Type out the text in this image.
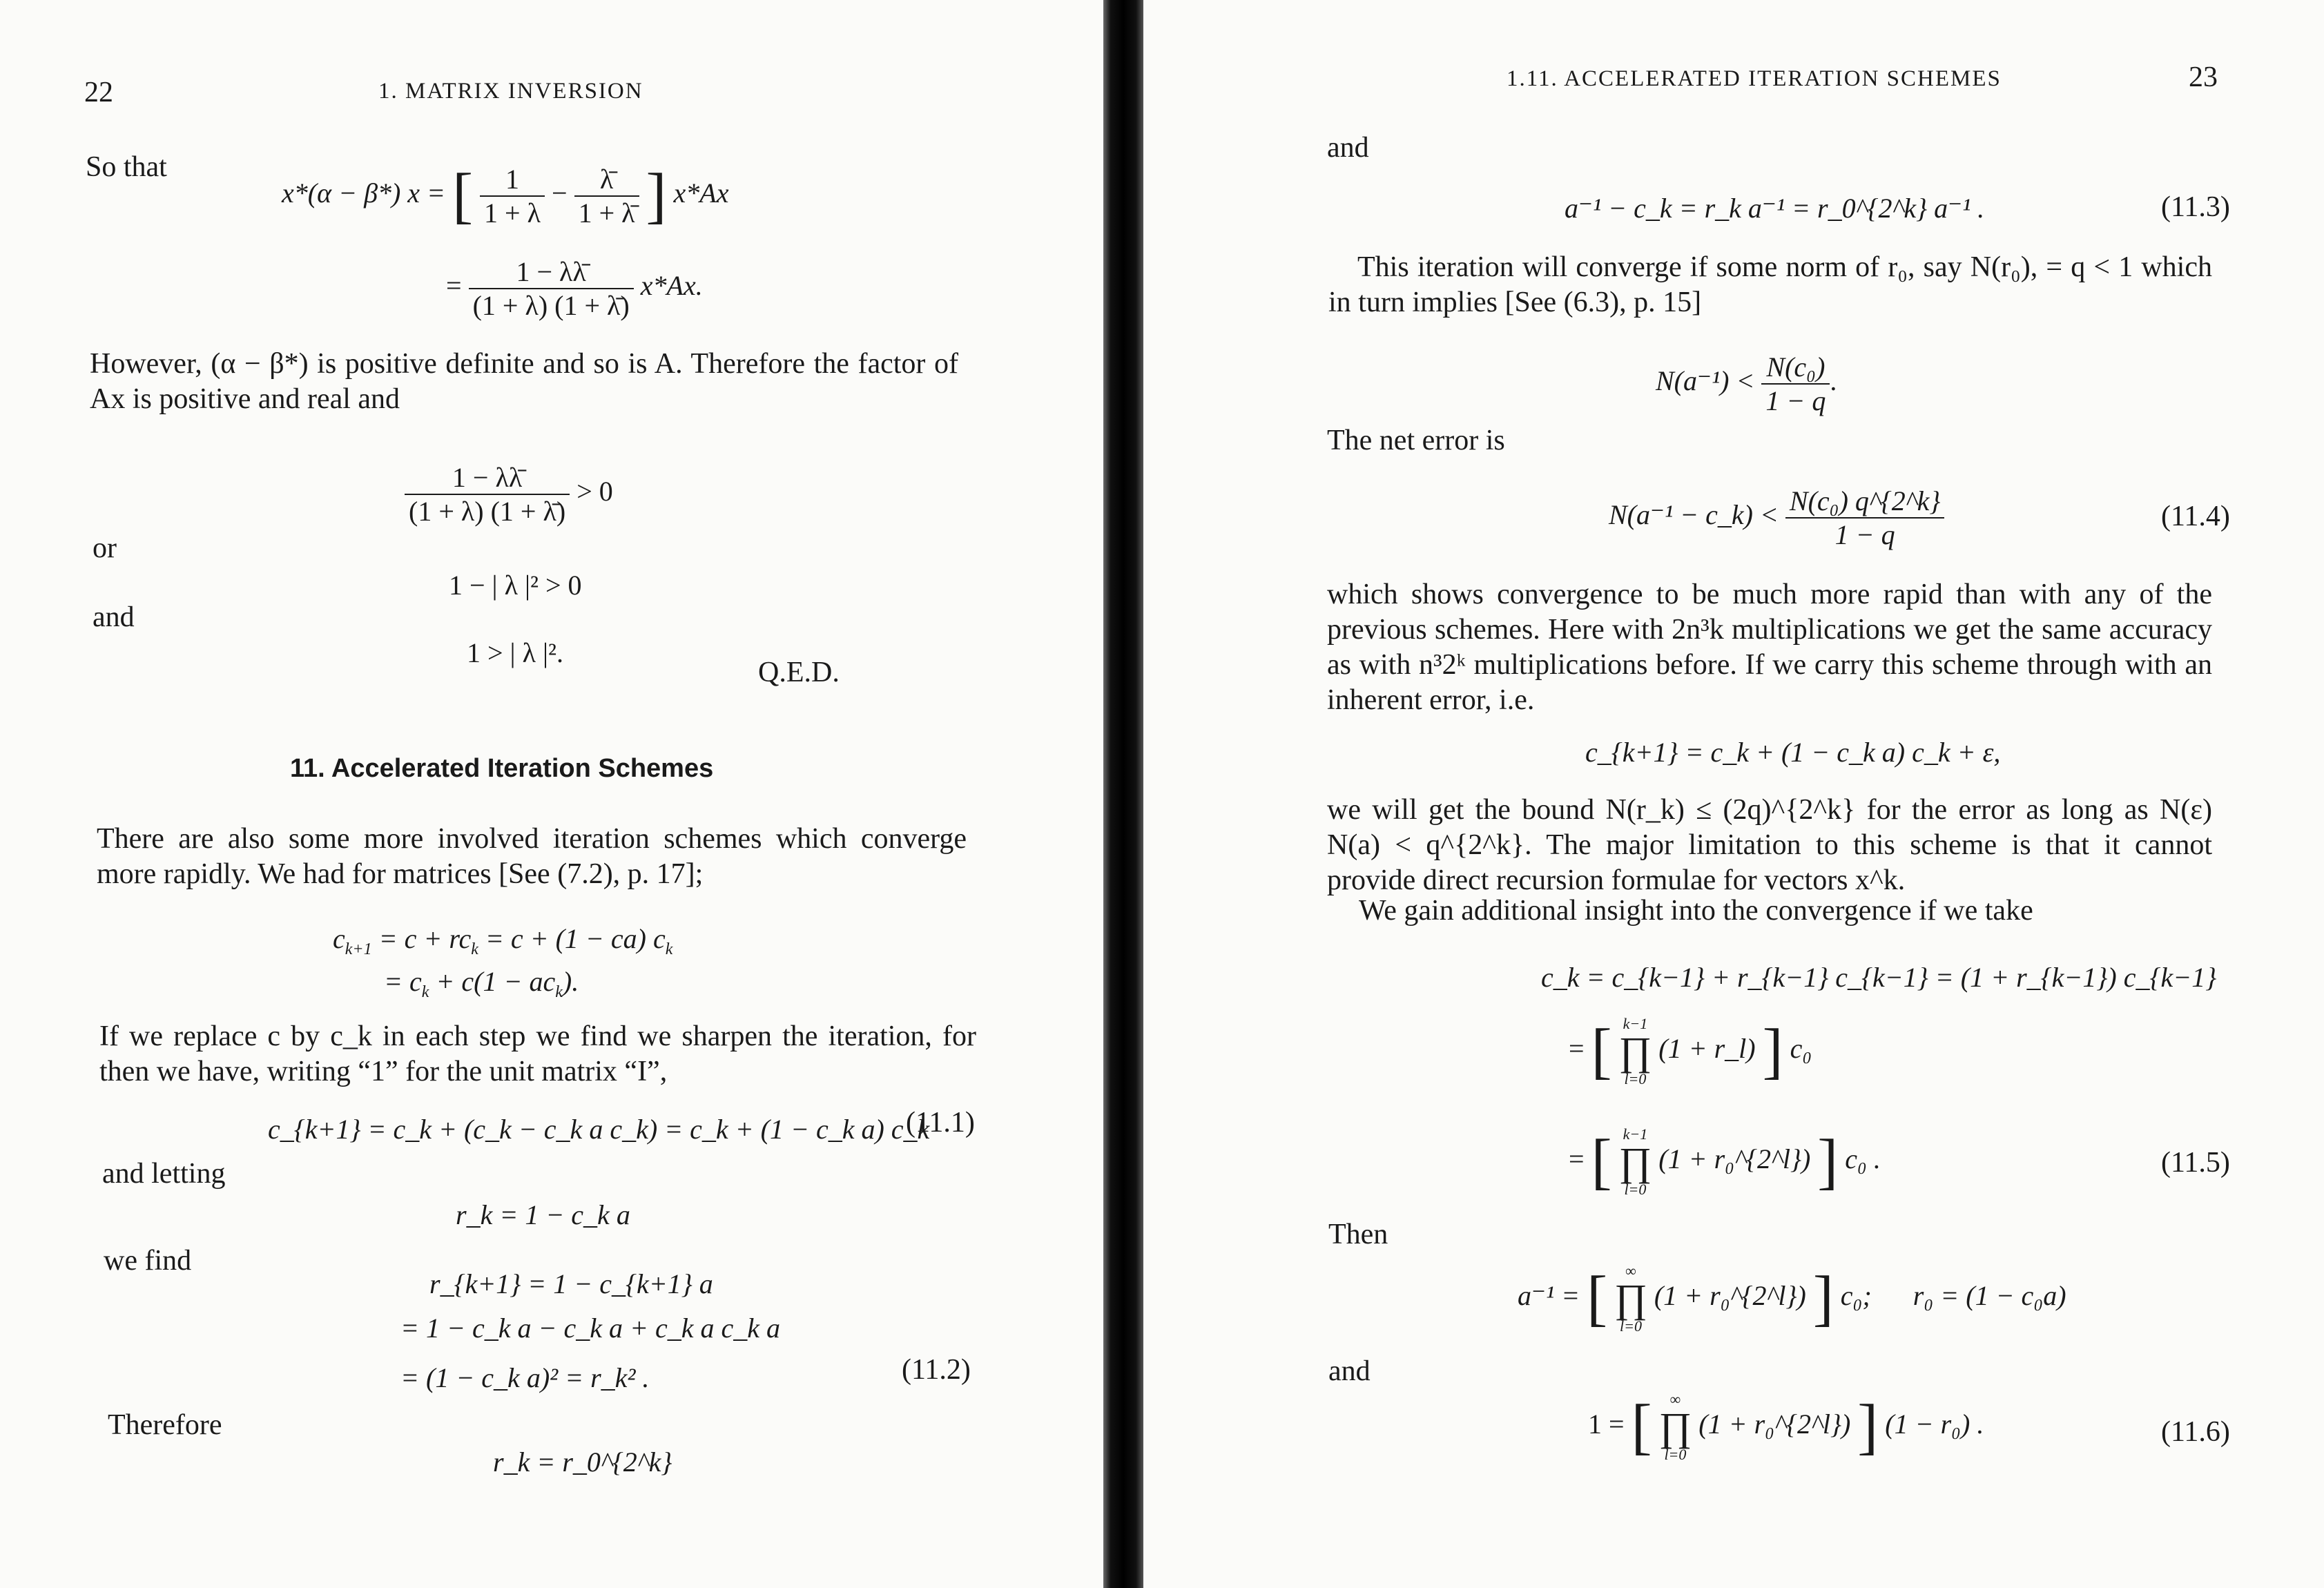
22	1. MATRIX INVERSION
So that
x*(α − β*) x = [ $\frac{1}{1 + \lambda} - \frac{\lambdā}{1 + \lambdā}$ ] x*Ax
= $\frac{1 - \lambda\lambdā}{(1 + \lambda) (1 + \lambdā)} x*Ax$.
However, (α − β*) is positive definite and so is A. Therefore the factor of Ax is positive and real and
$\frac{1 - \lambda\lambdā}{(1 + \lambda) (1 + \lambdā)} > 0$
or
1 − | λ |² > 0
and
1 > | λ |².
Q.E.D.
11. Accelerated Iteration Schemes
There are also some more involved iteration schemes which converge more rapidly. We had for matrices [See (7.2), p. 17];
$c_{k+1} = c + rc_k = c + (1 - ca)$ $c_k$
= $c_k + c(1 - ac_k)$.
If we replace c by c_k in each step we find we sharpen the iteration, for then we have, writing “1” for the unit matrix “I”,
c_{k+1} = c_k + (c_k − c_k a c_k) = c_k + (1 − c_k a) c_k
(11.1)
and letting
r_k = 1 − c_k a
we find
r_{k+1} = 1 − c_{k+1} a
= 1 − c_k a − c_k a + c_k a c_k a
= (1 − c_k a)² = r_k² .	(11.2)
Therefore
r_k = r_0^{2^k}
1.11. ACCELERATED ITERATION SCHEMES	23
and
a⁻¹ − c_k = r_k a⁻¹ = r_0^{2^k} a⁻¹ .	(11.3)
This iteration will converge if some norm of r₀, say N(r₀), = q < 1 which in turn implies [See (6.3), p. 15]
$N(a^{-1}) < \frac{\text{N(c₀)}}{1 - q}$ .
The net error is
N(a⁻¹ − c_k) < $\frac{\text{N(c₀) q\textasciicircum{}\{2\textasciicircum{}k\}}}{1 - q}$	(11.4)
which shows convergence to be much more rapid than with any of the previous schemes. Here with 2n³k multiplications we get the same accuracy as with n³2ᵏ multiplications before. If we carry this scheme through with an inherent error, i.e.
c_{k+1} = c_k + (1 − c_k a) c_k + ε,
we will get the bound N(r_k) ≤ (2q)^{2^k} for the error as long as N(ε) N(a) < q^{2^k}. The major limitation to this scheme is that it cannot provide direct recursion formulae for vectors x^k.
We gain additional insight into the convergence if we take
c_k = c_{k−1} + r_{k−1} c_{k−1} = (1 + r_{k−1}) c_{k−1}
= [ k−1
∏
l=0
(1 + r_l) ] c₀
= [ k−1
∏
l=0
(1 + r₀^{2^l}) ] c₀ .	(11.5)
Then
a⁻¹ = [	∞
∏
l=0
(1 + r₀^{2^l}) ] c₀; r₀ = (1 − c₀a)
and
1 = [	∞
∏
l=0
(1 + r₀^{2^l}) ] (1 − r₀) .	(11.6)
